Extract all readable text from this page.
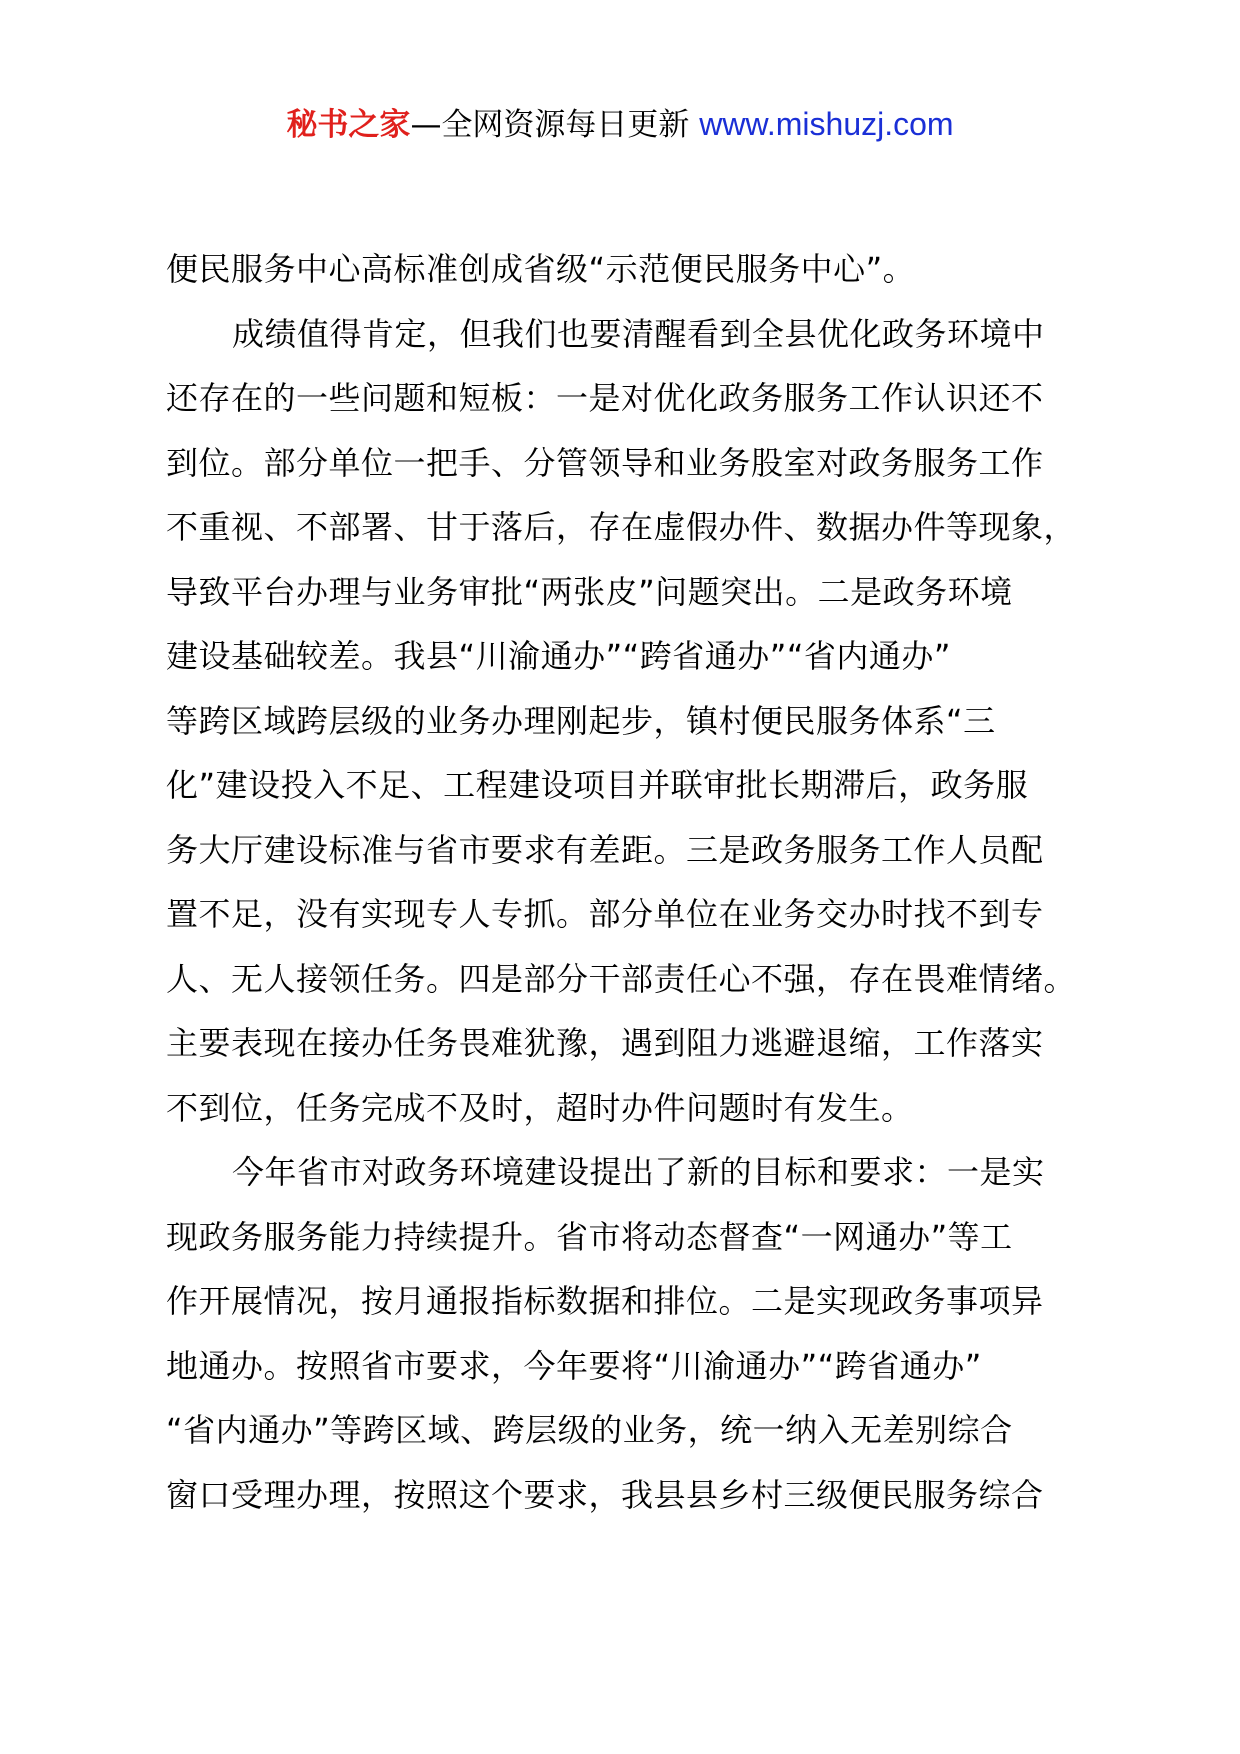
秘书之家—全网资源每日更新 www.mishuzj.com
便民服务中心高标准创成省级“示范便民服务中心”。
成绩值得肯定，但我们也要清醒看到全县优化政务环境中
还存在的一些问题和短板：一是对优化政务服务工作认识还不
到位。部分单位一把手、分管领导和业务股室对政务服务工作
不重视、不部署、甘于落后，存在虚假办件、数据办件等现象，
导致平台办理与业务审批“两张皮”问题突出。二是政务环境
建设基础较差。我县“川渝通办”“跨省通办”“省内通办”
等跨区域跨层级的业务办理刚起步，镇村便民服务体系“三
化”建设投入不足、工程建设项目并联审批长期滞后，政务服
务大厅建设标准与省市要求有差距。三是政务服务工作人员配
置不足，没有实现专人专抓。部分单位在业务交办时找不到专
人、无人接领任务。四是部分干部责任心不强，存在畏难情绪。
主要表现在接办任务畏难犹豫，遇到阻力逃避退缩，工作落实
不到位，任务完成不及时，超时办件问题时有发生。
今年省市对政务环境建设提出了新的目标和要求：一是实
现政务服务能力持续提升。省市将动态督查“一网通办”等工
作开展情况，按月通报指标数据和排位。二是实现政务事项异
地通办。按照省市要求，今年要将“川渝通办”“跨省通办”
“省内通办”等跨区域、跨层级的业务，统一纳入无差别综合
窗口受理办理，按照这个要求，我县县乡村三级便民服务综合
